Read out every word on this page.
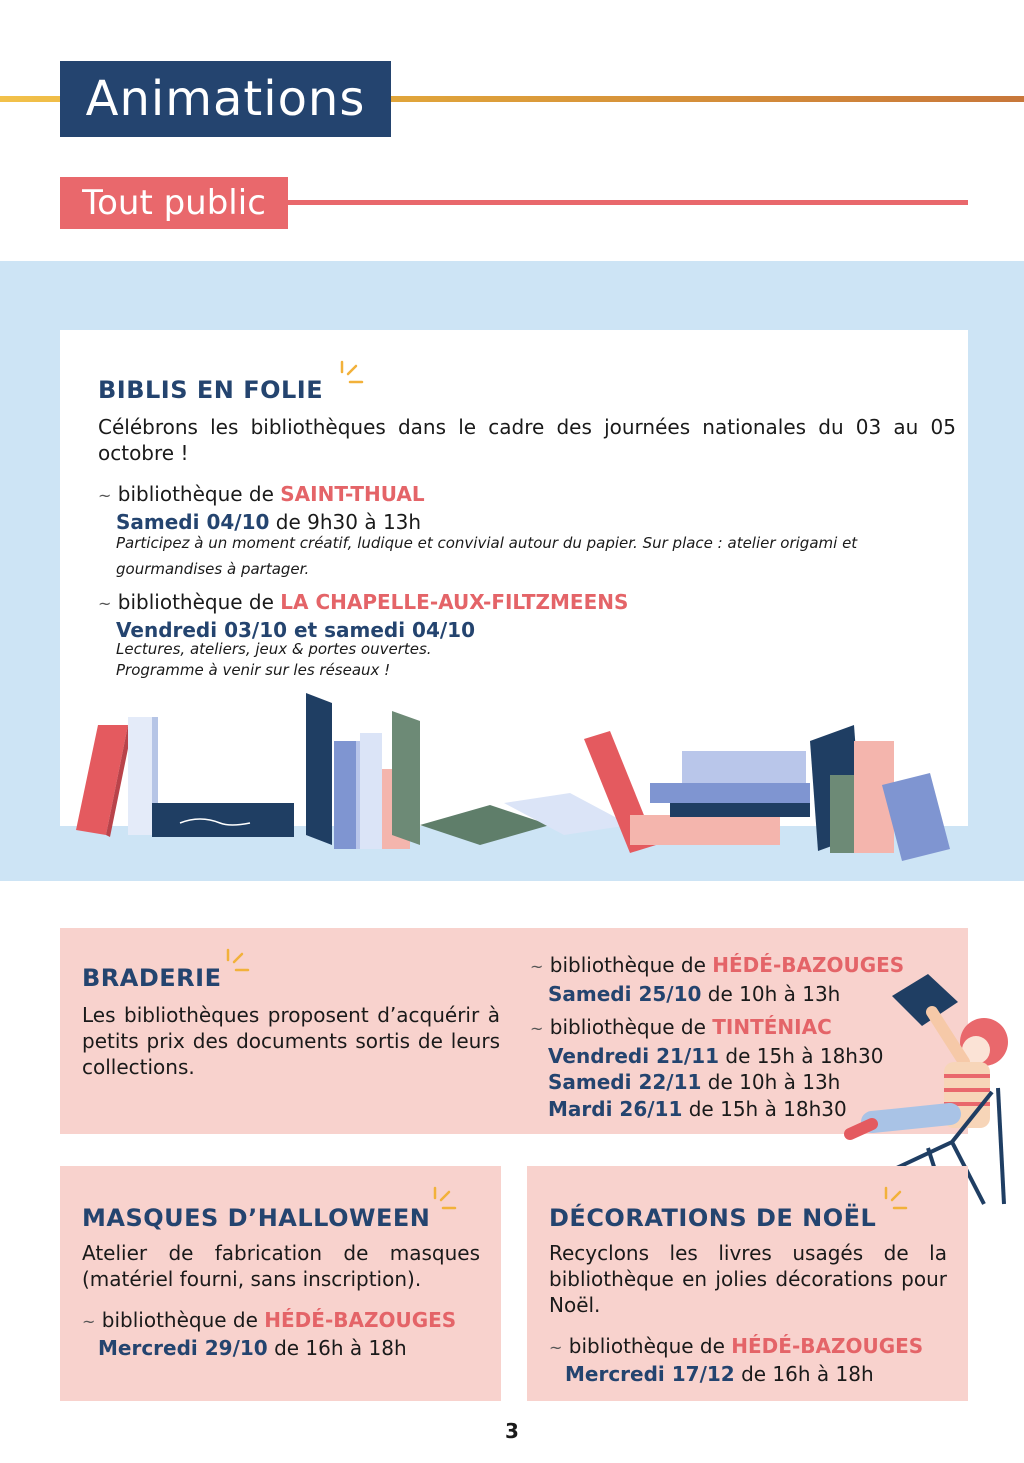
Animations
Tout public
BIBLIS EN FOLIE
Célébrons les bibliothèques dans le cadre des journées nationales du 03 au 05 octobre !
~ bibliothèque de SAINT-THUAL
Samedi 04/10 de 9h30 à 13h
Participez à un moment créatif, ludique et convivial autour du papier. Sur place : atelier origami et gourmandises à partager.
~ bibliothèque de LA CHAPELLE-AUX-FILTZMEENS
Vendredi 03/10 et samedi 04/10
Lectures, ateliers, jeux & portes ouvertes.
Programme à venir sur les réseaux !
BRADERIE
Les bibliothèques proposent d’acquérir à petits prix des documents sortis de leurs collections.
~ bibliothèque de HÉDÉ-BAZOUGES
Samedi 25/10 de 10h à 13h
~ bibliothèque de TINTÉNIAC
Vendredi 21/11 de 15h à 18h30
Samedi 22/11 de 10h à 13h
Mardi 26/11 de 15h à 18h30
MASQUES D’HALLOWEEN
Atelier de fabrication de masques (matériel fourni, sans inscription).
~ bibliothèque de HÉDÉ-BAZOUGES
Mercredi 29/10 de 16h à 18h
DÉCORATIONS DE NOËL
Recyclons les livres usagés de la bibliothèque en jolies décorations pour Noël.
~ bibliothèque de HÉDÉ-BAZOUGES
Mercredi 17/12 de 16h à 18h
3
